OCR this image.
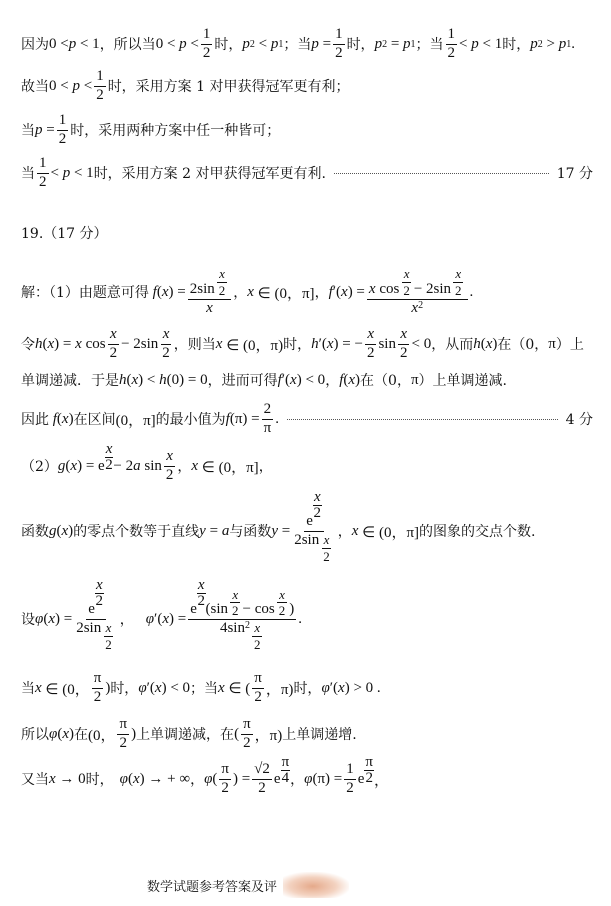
因为 0 < p < 1 ，所以当 $0 < p < \frac{1}{2}$ 时， p 2 < p 1 ；当 $p = \frac{1}{2}$ 时， p 2 = p 1 ；当 $\frac{1}{2} < p < 1$ 时， p 2 > p 1 .
故当 $0 < p < \frac{1}{2}$ 时，采用方案 1 对甲获得冠军更有利；
当 $p = \frac{1}{2}$ 时，采用两种方案中任一种皆可；
当 $\frac{1}{2} < p < 1$ 时，采用方案 2 对甲获得冠军更有利.	17 分
19.（17 分）
解：（1）由题意可得 f ( x ) = $\frac{2\sin \frac{x}{2}}{x}$ ， x ∈ (0，π] ， f ′( x ) = $\frac{x \cos \frac{x}{2} - 2\sin \frac{x}{2}}{x 2}$ .
令 h ( x ) = x $\cos \frac{x}{2} - 2\sin \frac{x}{2}$ ，则当 x ∈ (0，π) 时， h ′( x ) = − $\frac{x}{2}$ $\sin \frac{x}{2} < 0$ ，从而 h ( x ) 在（0， π ）上
单调递减．于是 h ( x ) < h (0) = 0 ，进而可得 f ′( x ) < 0 ， f ( x ) 在（0， π ）上单调递减.
因此 f ( x ) 在区间 (0，π] 的最小值为 f $(\pi) = \frac{2}{\pi}$ .	4 分
（2） g ( x ) = e $\frac{x}{2} - 2$ a $\sin \frac{x}{2}$ ， x ∈ (0，π] ，
函数 g ( x ) 的零点个数等于直线 y = a 与函数 y = e
$\frac{x}{2}$
$2\sin \frac{x}{2}$ ， x ∈ (0，π] 的图象的交点个数.
设 φ ( x ) = e
$\frac{x}{2}$
$2\sin \frac{x}{2}$ ， φ ′( x ) = e
$\frac{x}{2}$
($\sin \frac{x}{2} - \cos \frac{x}{2}$ )
4sin $2 \frac{x}{2}$ .
当 x ∈ (0， $\frac{\pi}{2}$ ) 时， φ ′( x ) < 0 ；当 x ∈ ( $\frac{\pi}{2}$ ，π) 时， φ ′( x ) > 0 .
所以 φ ( x ) 在 (0， $\frac{\pi}{2}$ ) 上单调递减，在 ( $\frac{\pi}{2}$ ，π) 上单调递增.
又当 x → 0 时， φ ( x ) → + ∞ ， φ ( $\frac{\pi}{2}$ ) = $\frac{√2}{2}$ e $\frac{\pi}{4}$ ， φ $(\pi) = \frac{1}{2}$ e $\frac{\pi}{2}$ ，
数学试题参考答案及评
